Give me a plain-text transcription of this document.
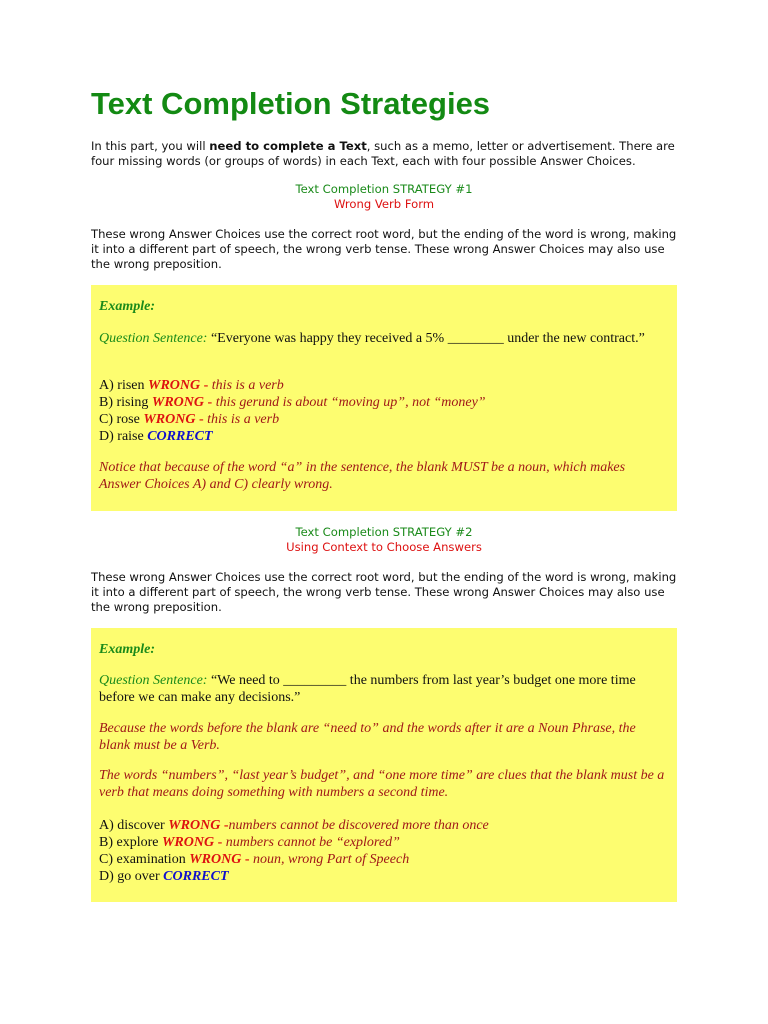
Text Completion Strategies
In this part, you will need to complete a Text, such as a memo, letter or advertisement. There are four missing words (or groups of words) in each Text, each with four possible Answer Choices.
Text Completion STRATEGY #1
Wrong Verb Form
These wrong Answer Choices use the correct root word, but the ending of the word is wrong, making it into a different part of speech, the wrong verb tense. These wrong Answer Choices may also use the wrong preposition.
Example:
Question Sentence: “Everyone was happy they received a 5% ________ under the new contract.”
A) risen WRONG - this is a verb
B) rising WRONG - this gerund is about “moving up”, not “money”
C) rose WRONG - this is a verb
D) raise CORRECT
Notice that because of the word “a” in the sentence, the blank MUST be a noun, which makes Answer Choices A) and C) clearly wrong.
Text Completion STRATEGY #2
Using Context to Choose Answers
These wrong Answer Choices use the correct root word, but the ending of the word is wrong, making it into a different part of speech, the wrong verb tense. These wrong Answer Choices may also use the wrong preposition.
Example:
Question Sentence: “We need to _________ the numbers from last year’s budget one more time before we can make any decisions.”
Because the words before the blank are “need to” and the words after it are a Noun Phrase, the blank must be a Verb.
The words “numbers”, “last year’s budget”, and “one more time” are clues that the blank must be a verb that means doing something with numbers a second time.
A) discover WRONG -numbers cannot be discovered more than once
B) explore WRONG - numbers cannot be “explored”
C) examination WRONG - noun, wrong Part of Speech
D) go over CORRECT
